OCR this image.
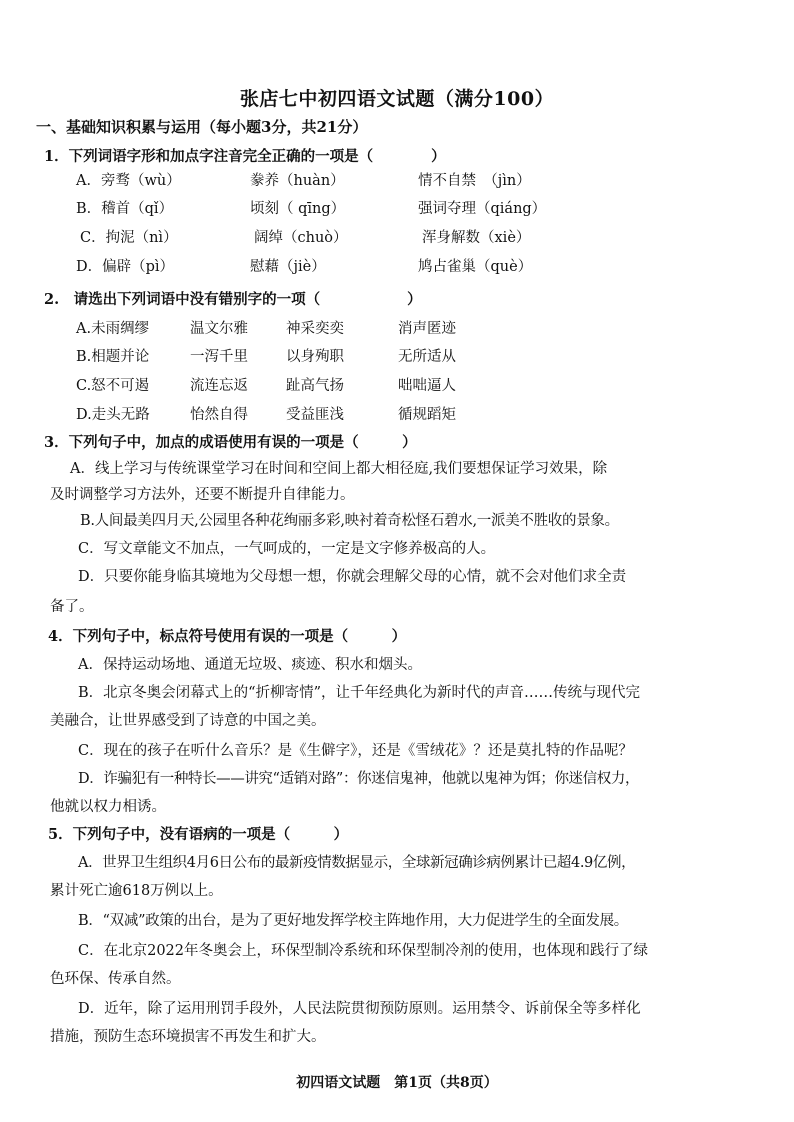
张店七中初四语文试题（满分100）
一、基础知识积累与运用（每小题3分，共21分）
1．下列词语字形和加点字注音完全正确的一项是（　　　　）
A．旁骛（wù）	豢养（huàn）	情不自禁　（jìn）
B．稽首（qǐ）	顷刻（ qīng）	强词夺理（qiáng）
C．拘泥（nì）	阔绰（chuò）	浑身解数（xiè）
D．偏辟（pì）	慰藉（jiè）	鸠占雀巢（què）
2.　请选出下列词语中没有错别字的一项（　　　　　　）
A.未雨绸缪	温文尔雅	神采奕奕	消声匿迹
B.相题并论	一泻千里	以身殉职	无所适从
C.怒不可遏	流连忘返	趾高气扬	咄咄逼人
D.走头无路	怡然自得	受益匪浅	循规蹈矩
3．下列句子中，加点的成语使用有误的一项是（　　　）
A．线上学习与传统课堂学习在时间和空间上都大相径庭,我们要想保证学习效果，除
及时调整学习方法外，还要不断提升自律能力。
B.人间最美四月天,公园里各种花绚丽多彩,映衬着奇松怪石碧水,一派美不胜收的景象。
C．写文章能文不加点，一气呵成的，一定是文字修养极高的人。
D．只要你能身临其境地为父母想一想，你就会理解父母的心情，就不会对他们求全责
备了。
4．下列句子中，标点符号使用有误的一项是（　　　）
A．保持运动场地、通道无垃圾、痰迹、积水和烟头。
B．北京冬奥会闭幕式上的“折柳寄情”，让千年经典化为新时代的声音……传统与现代完
美融合，让世界感受到了诗意的中国之美。
C．现在的孩子在听什么音乐？是《生僻字》，还是《雪绒花》？还是莫扎特的作品呢？
D．诈骗犯有一种特长——讲究“适销对路”：你迷信鬼神，他就以鬼神为饵；你迷信权力，
他就以权力相诱。
5．下列句子中，没有语病的一项是（　　　）
A．世界卫生组织4月6日公布的最新疫情数据显示，全球新冠确诊病例累计已超4.9亿例，
累计死亡逾618万例以上。
B．“双减”政策的出台，是为了更好地发挥学校主阵地作用，大力促进学生的全面发展。
C．在北京2022年冬奥会上，环保型制冷系统和环保型制冷剂的使用，也体现和践行了绿
色环保、传承自然。
D．近年，除了运用刑罚手段外，人民法院贯彻预防原则。运用禁令、诉前保全等多样化
措施，预防生态环境损害不再发生和扩大。
初四语文试题　第1页（共8页）
